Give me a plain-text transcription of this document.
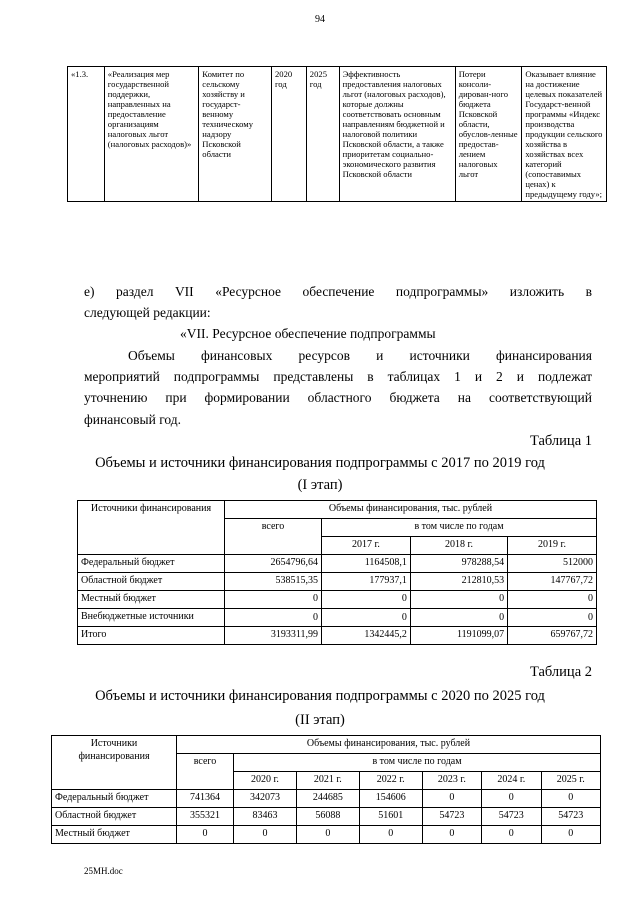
94
«1.3.	«Реализация мер государственной поддержки, направленных на предоставление организациям налоговых льгот (налоговых расходов)»	Комитет по сельскому хозяйству и государст-венному техническому надзору Псковской области	2020 год	2025 год	Эффективность предоставления налоговых льгот (налоговых расходов), которые должны соответствовать основным направлениям бюджетной и налоговой политики Псковской области, а также приоритетам социально-экономического развития Псковской области	Потери консоли-дирован-ного бюджета Псковской области, обуслов-ленные предостав-лением налоговых льгот	Оказывает влияние на достижение целевых показателей Государст-венной программы «Индекс производства продукции сельского хозяйства в хозяйствах всех категорий (сопоставимых ценах) к предыдущему году»;
е) раздел VII «Ресурсное обеспечение подпрограммы» изложить в
следующей редакции:
«VII. Ресурсное обеспечение подпрограммы
Объемы финансовых ресурсов и источники финансирования
мероприятий подпрограммы представлены в таблицах 1 и 2 и подлежат
уточнению при формировании областного бюджета на соответствующий
финансовый год.
Таблица 1
Объемы и источники финансирования подпрограммы с 2017 по 2019 год
(I этап)
Источники финансирования	Объемы финансирования, тыс. рублей			
	всего	в том числе по годам		
		2017 г.	2018 г.	2019 г.
Федеральный бюджет	2654796,64	1164508,1	978288,54	512000
Областной бюджет	538515,35	177937,1	212810,53	147767,72
Местный бюджет	0	0	0	0
Внебюджетные источники	0	0	0	0
Итого	3193311,99	1342445,2	1191099,07	659767,72
Таблица 2
Объемы и источники финансирования подпрограммы с 2020 по 2025 год
(II этап)
Источники финансирования	Объемы финансирования, тыс. рублей						
	всего	в том числе по годам					
		2020 г.	2021 г.	2022 г.	2023 г.	2024 г.	2025 г.
Федеральный бюджет	741364	342073	244685	154606	0	0	0
Областной бюджет	355321	83463	56088	51601	54723	54723	54723
Местный бюджет	0	0	0	0	0	0	0
25МН.doc
